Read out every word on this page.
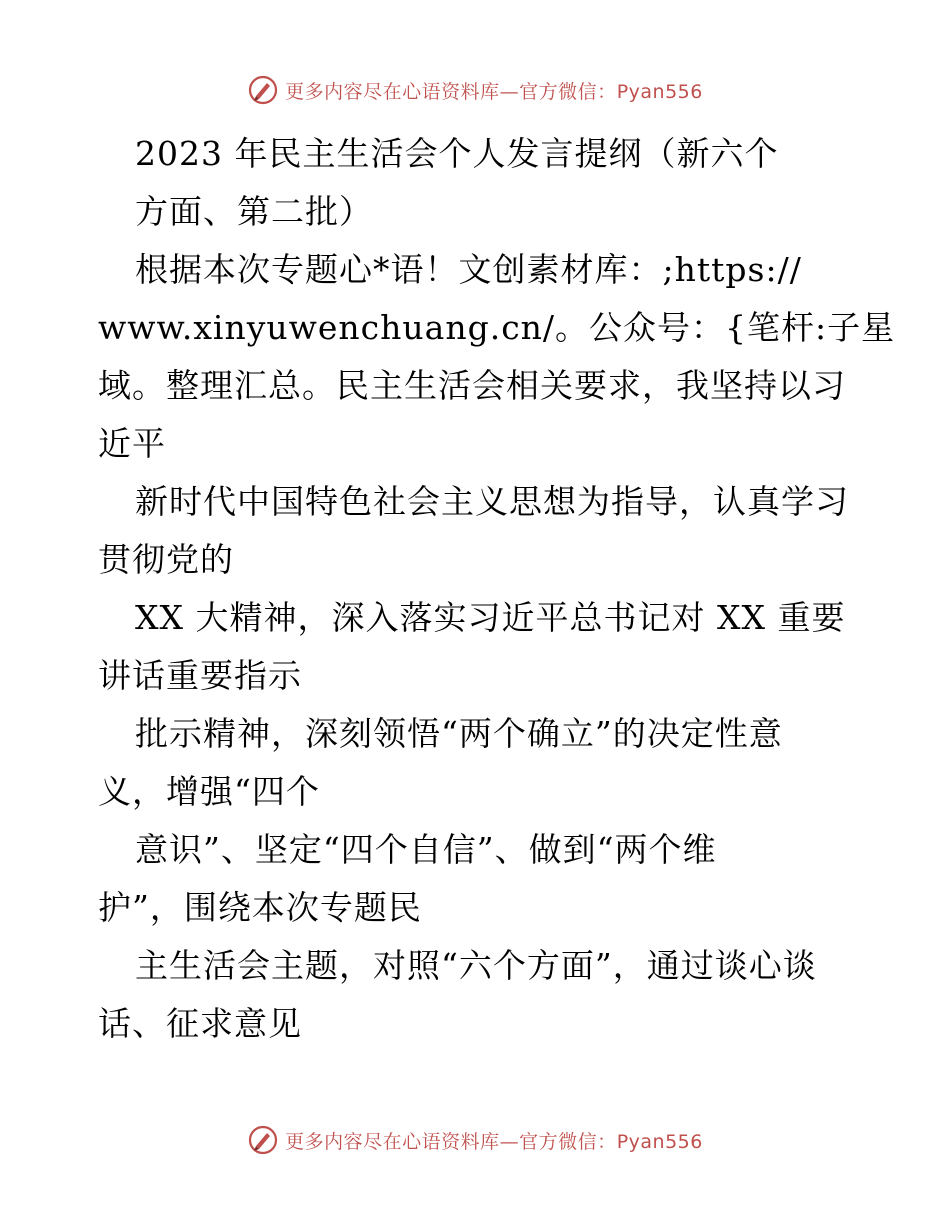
更多内容尽在心语资料库—官方微信：Pyan556
2023 年民主生活会个人发言提纲（新六个
方面、第二批）
根据本次专题心*语！文创素材库：;https://
www.xinyuwenchuang.cn/。公众号：{笔杆:子星
域。整理汇总。民主生活会相关要求，我坚持以习
近平
新时代中国特色社会主义思想为指导，认真学习
贯彻党的
XX 大精神，深入落实习近平总书记对 XX 重要
讲话重要指示
批示精神，深刻领悟“两个确立”的决定性意
义，增强“四个
意识”、坚定“四个自信”、做到“两个维
护”，围绕本次专题民
主生活会主题，对照“六个方面”，通过谈心谈
话、征求意见
更多内容尽在心语资料库—官方微信：Pyan556
